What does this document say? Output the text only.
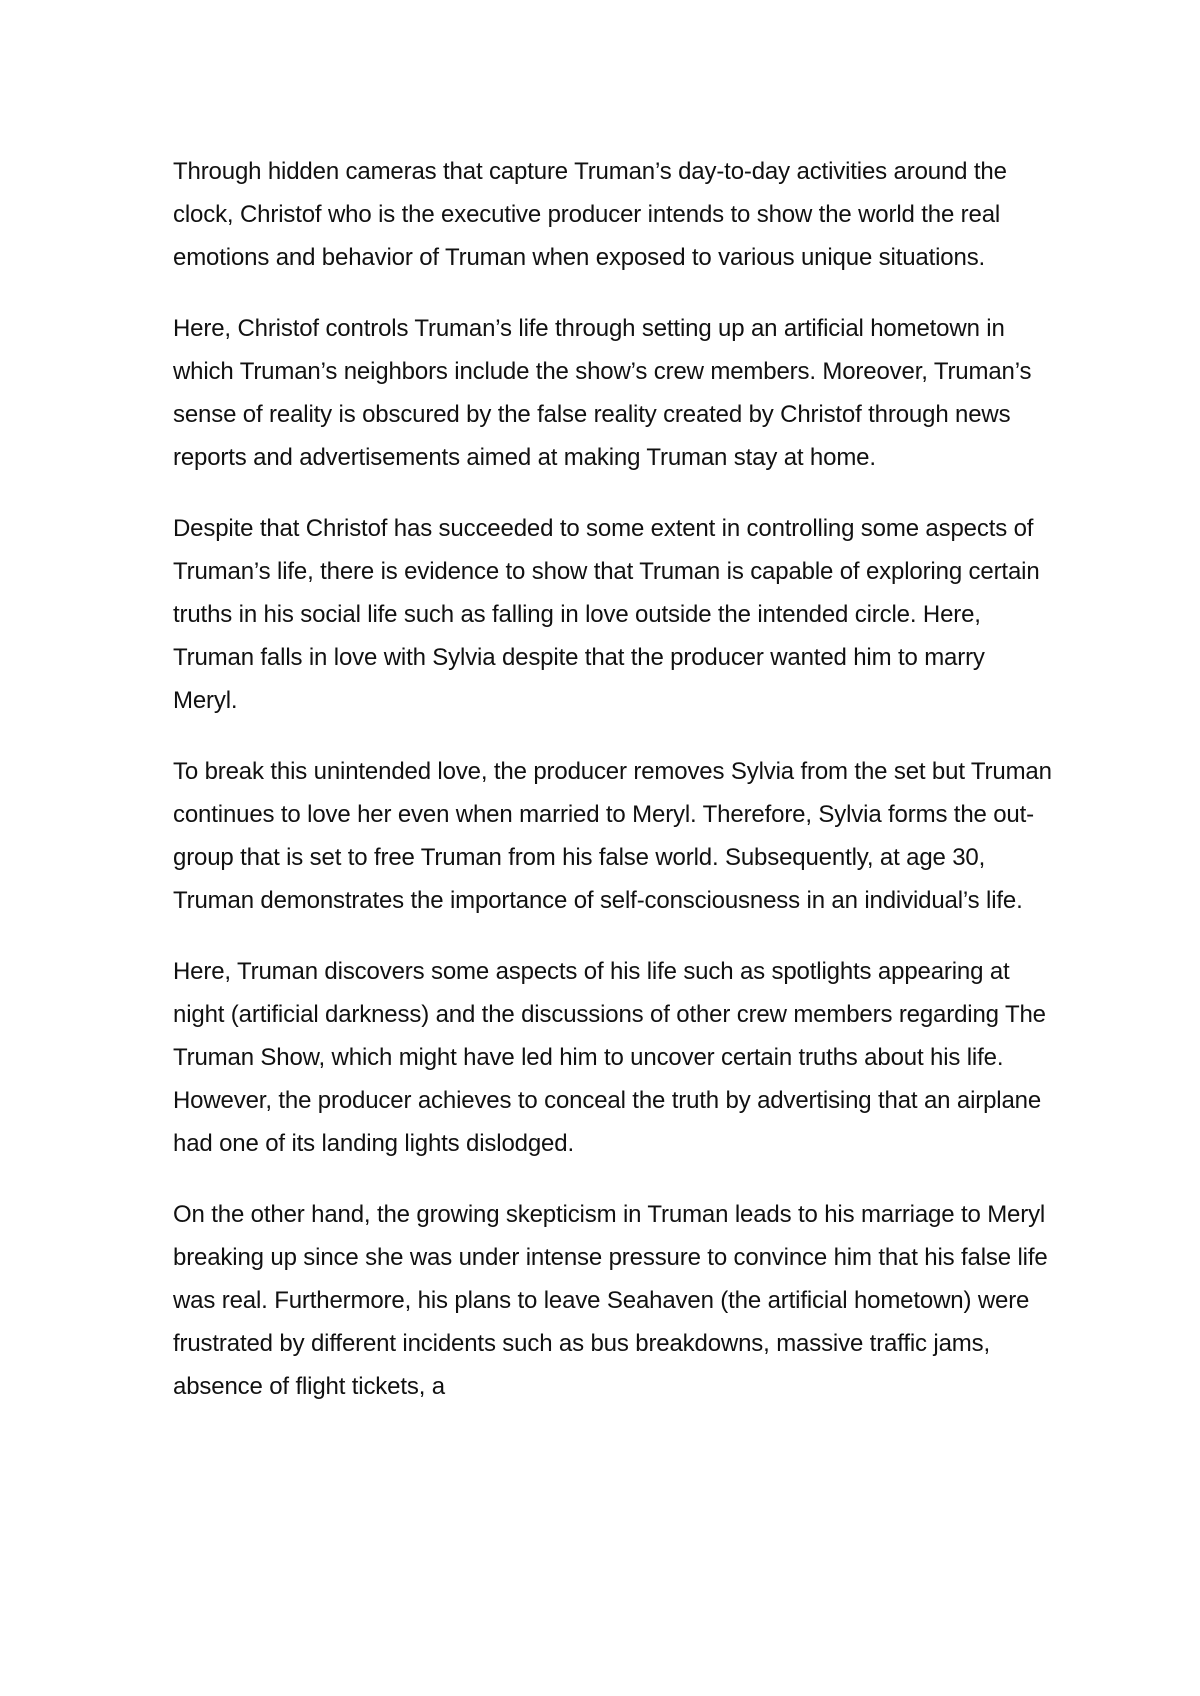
Through hidden cameras that capture Truman’s day-to-day activities around the clock, Christof who is the executive producer intends to show the world the real emotions and behavior of Truman when exposed to various unique situations.

Here, Christof controls Truman’s life through setting up an artificial hometown in which Truman’s neighbors include the show’s crew members. Moreover, Truman’s sense of reality is obscured by the false reality created by Christof through news reports and advertisements aimed at making Truman stay at home.

Despite that Christof has succeeded to some extent in controlling some aspects of Truman’s life, there is evidence to show that Truman is capable of exploring certain truths in his social life such as falling in love outside the intended circle. Here, Truman falls in love with Sylvia despite that the producer wanted him to marry Meryl.

To break this unintended love, the producer removes Sylvia from the set but Truman continues to love her even when married to Meryl. Therefore, Sylvia forms the out-group that is set to free Truman from his false world. Subsequently, at age 30, Truman demonstrates the importance of self-consciousness in an individual’s life.

Here, Truman discovers some aspects of his life such as spotlights appearing at night (artificial darkness) and the discussions of other crew members regarding The Truman Show, which might have led him to uncover certain truths about his life. However, the producer achieves to conceal the truth by advertising that an airplane had one of its landing lights dislodged.

On the other hand, the growing skepticism in Truman leads to his marriage to Meryl breaking up since she was under intense pressure to convince him that his false life was real. Furthermore, his plans to leave Seahaven (the artificial hometown) were frustrated by different incidents such as bus breakdowns, massive traffic jams, absence of flight tickets, a
